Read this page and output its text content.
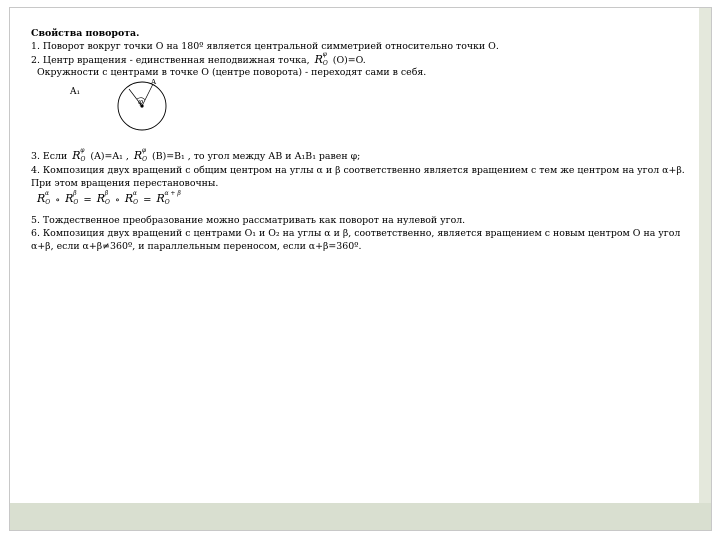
Свойства поворота.
1. Поворот вокруг точки О на 180º является центральной симметрией относительно точки О.
2. Центр вращения - единственная неподвижная точка, $R_O$
φ
(O)=O.
Окружности с центрами в точке О (центре поворота) - переходят сами в себя.
A₁
A
φ
3. Если $R_O$
φ
(A)=A₁ , $R_O$
φ
(B)=B₁ , то угол между АВ и А₁В₁ равен φ;
4. Композиция двух вращений с общим центром на углы α и β соответственно является вращением с тем же центром на угол α+β. При этом вращения перестановочны.
$R_O$
α
∘ $R_O$
β
= $R_O$
β
∘ $R_O$
α
= $R_O$
α + β
5. Тождественное преобразование можно рассматривать как поворот на нулевой угол.
6. Композиция двух вращений с центрами О₁ и О₂ на углы α и β, соответственно, является вращением с новым центром О на угол α+β, если α+β≠360º, и параллельным переносом, если α+β=360º.
